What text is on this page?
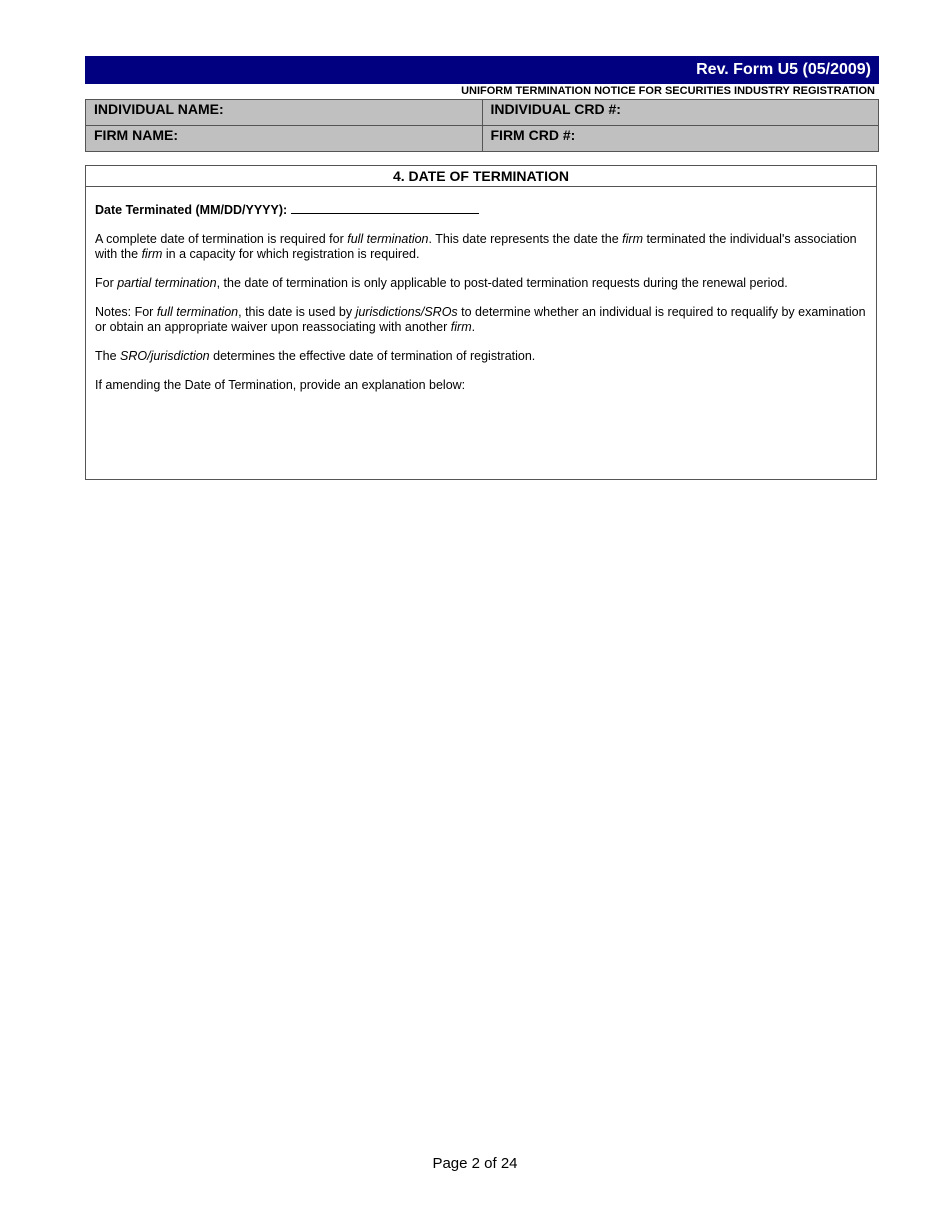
Rev. Form U5 (05/2009)
UNIFORM TERMINATION NOTICE FOR SECURITIES INDUSTRY REGISTRATION
INDIVIDUAL NAME:	INDIVIDUAL CRD #:
FIRM NAME:	FIRM CRD #:
4. DATE OF TERMINATION

Date Terminated (MM/DD/YYYY):

A complete date of termination is required for full termination. This date represents the date the firm terminated the individual's association with the firm in a capacity for which registration is required.

For partial termination, the date of termination is only applicable to post-dated termination requests during the renewal period.

Notes: For full termination, this date is used by jurisdictions/SROs to determine whether an individual is required to requalify by examination or obtain an appropriate waiver upon reassociating with another firm.

The SRO/jurisdiction determines the effective date of termination of registration.

If amending the Date of Termination, provide an explanation below:

Page 2 of 24
